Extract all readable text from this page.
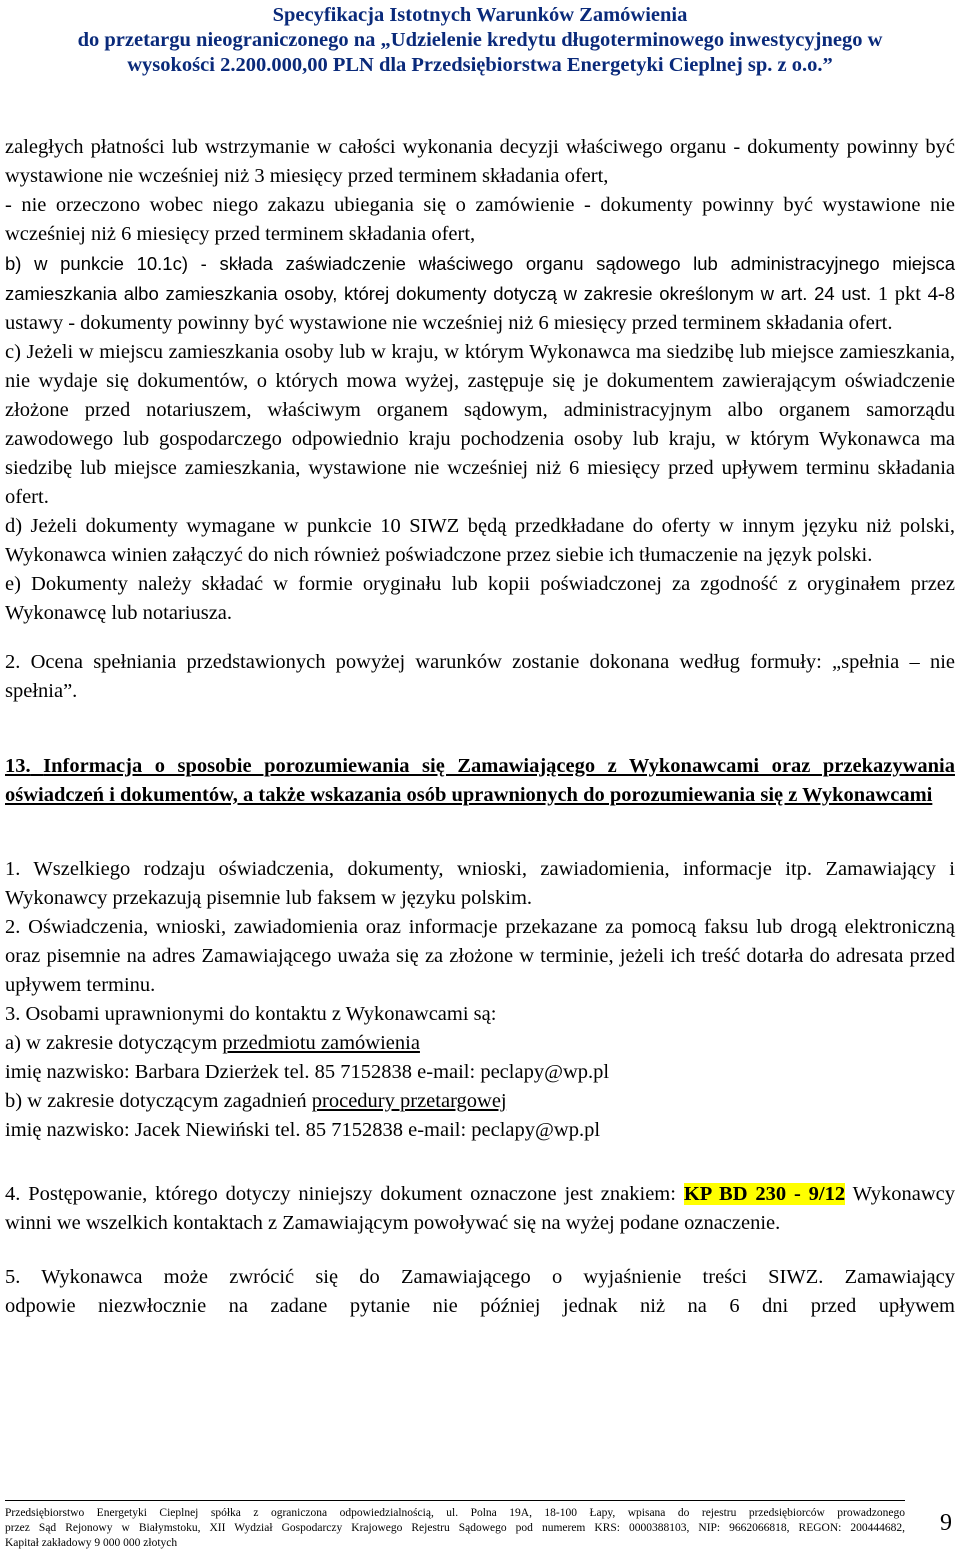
Specyfikacja Istotnych Warunków Zamówienia
do przetargu nieograniczonego na „Udzielenie kredytu długoterminowego inwestycyjnego w
wysokości 2.200.000,00 PLN dla Przedsiębiorstwa Energetyki Cieplnej sp. z o.o.”

zaległych płatności lub wstrzymanie w całości wykonania decyzji właściwego organu - dokumenty powinny być wystawione nie wcześniej niż 3 miesięcy przed terminem składania ofert,

- nie orzeczono wobec niego zakazu ubiegania się o zamówienie - dokumenty powinny być wystawione nie wcześniej niż 6 miesięcy przed terminem składania ofert,

b) w punkcie 10.1c) - składa zaświadczenie właściwego organu sądowego lub administracyjnego miejsca zamieszkania albo zamieszkania osoby, której dokumenty dotyczą w zakresie określonym w art. 24 ust. 1 pkt 4-8 ustawy - dokumenty powinny być wystawione nie wcześniej niż 6 miesięcy przed terminem składania ofert.

c) Jeżeli w miejscu zamieszkania osoby lub w kraju, w którym Wykonawca ma siedzibę lub miejsce zamieszkania, nie wydaje się dokumentów, o których mowa wyżej, zastępuje się je dokumentem zawierającym oświadczenie złożone przed notariuszem, właściwym organem sądowym, administracyjnym albo organem samorządu zawodowego lub gospodarczego odpowiednio kraju pochodzenia osoby lub kraju, w którym Wykonawca ma siedzibę lub miejsce zamieszkania, wystawione nie wcześniej niż 6 miesięcy przed upływem terminu składania ofert.

d) Jeżeli dokumenty wymagane w punkcie 10 SIWZ będą przedkładane do oferty w innym języku niż polski, Wykonawca winien załączyć do nich również poświadczone przez siebie ich tłumaczenie na język polski.

e) Dokumenty należy składać w formie oryginału lub kopii poświadczonej za zgodność z oryginałem przez Wykonawcę lub notariusza.

2. Ocena spełniania przedstawionych powyżej warunków zostanie dokonana według formuły: „spełnia – nie spełnia”.

13. Informacja o sposobie porozumiewania się Zamawiającego z Wykonawcami oraz przekazywania oświadczeń i dokumentów, a także wskazania osób uprawnionych do porozumiewania się z Wykonawcami

1. Wszelkiego rodzaju oświadczenia, dokumenty, wnioski, zawiadomienia, informacje itp. Zamawiający i Wykonawcy przekazują pisemnie lub faksem w języku polskim.

2. Oświadczenia, wnioski, zawiadomienia oraz informacje przekazane za pomocą faksu lub drogą elektroniczną oraz pisemnie na adres Zamawiającego uważa się za złożone w terminie, jeżeli ich treść dotarła do adresata przed upływem terminu.

3. Osobami uprawnionymi do kontaktu z Wykonawcami są:

a) w zakresie dotyczącym przedmiotu zamówienia

imię nazwisko: Barbara Dzierżek tel. 85 7152838 e-mail: peclapy@wp.pl

b) w zakresie dotyczącym zagadnień procedury przetargowej

imię nazwisko: Jacek Niewiński tel. 85 7152838 e-mail: peclapy@wp.pl

4. Postępowanie, którego dotyczy niniejszy dokument oznaczone jest znakiem: KP BD 230 - 9/12 Wykonawcy winni we wszelkich kontaktach z Zamawiającym powoływać się na wyżej podane oznaczenie.

5. Wykonawca może zwrócić się do Zamawiającego o wyjaśnienie treści SIWZ. Zamawiający
odpowie niezwłocznie na zadane pytanie nie później jednak niż na 6 dni przed upływem
Przedsiębiorstwo Energetyki Cieplnej spółka z ograniczona odpowiedzialnością, ul. Polna 19A, 18-100 Łapy, wpisana do rejestru przedsiębiorców prowadzonego
przez Sąd Rejonowy w Białymstoku, XII Wydział Gospodarczy Krajowego Rejestru Sądowego pod numerem KRS: 0000388103, NIP: 9662066818, REGON: 200444682,
Kapitał zakładowy 9 000 000 złotych
9
